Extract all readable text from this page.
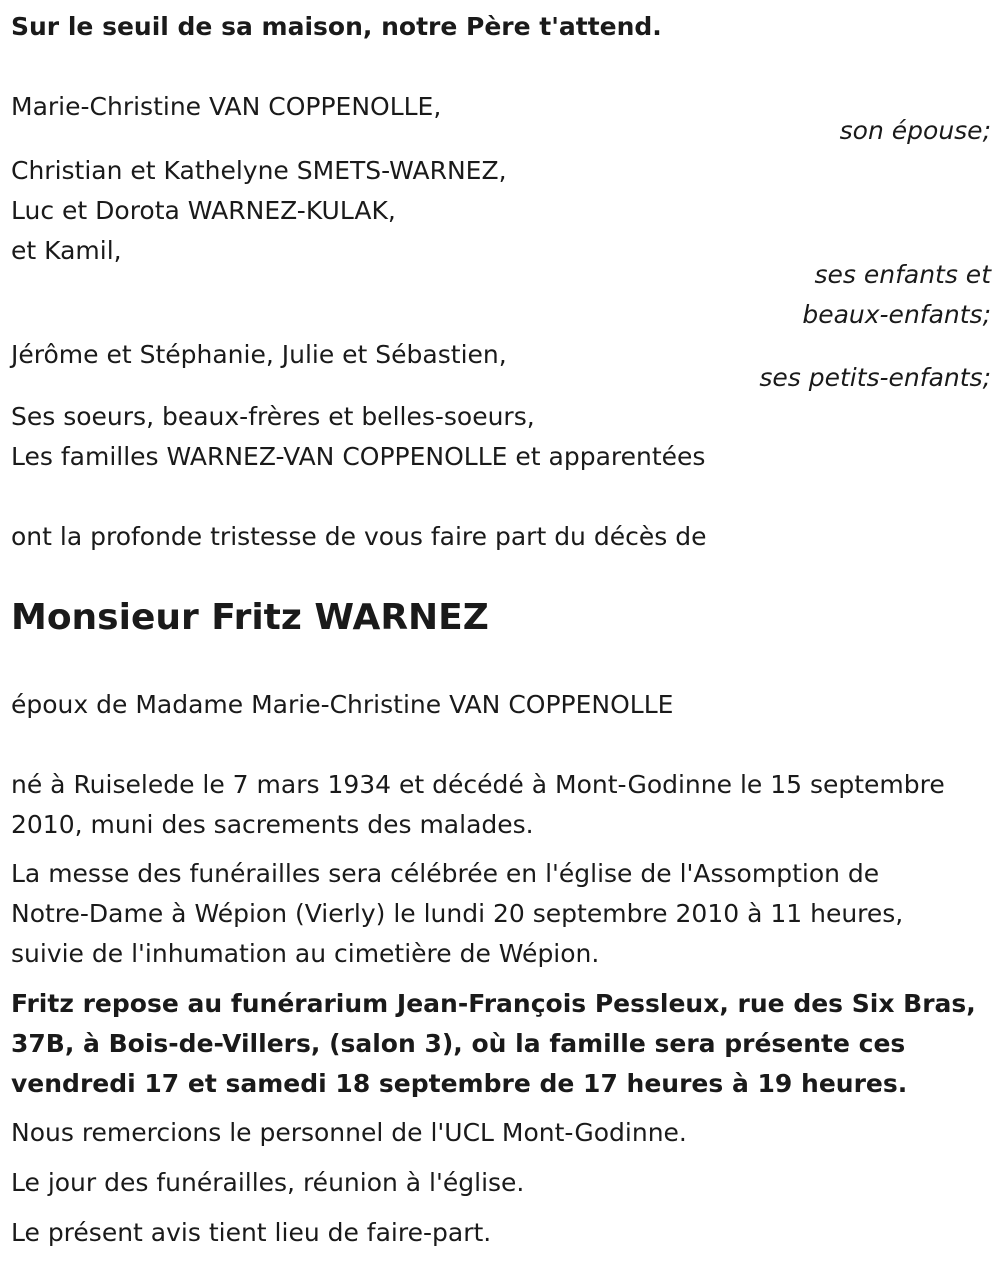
Sur le seuil de sa maison, notre Père t'attend.
Marie-Christine VAN COPPENOLLE,
son épouse;
Christian et Kathelyne SMETS-WARNEZ,
Luc et Dorota WARNEZ-KULAK,
et Kamil,
ses enfants et
beaux-enfants;
Jérôme et Stéphanie, Julie et Sébastien,
ses petits-enfants;
Ses soeurs, beaux-frères et belles-soeurs,
Les familles WARNEZ-VAN COPPENOLLE et apparentées
ont la profonde tristesse de vous faire part du décès de
Monsieur Fritz WARNEZ
époux de Madame Marie-Christine VAN COPPENOLLE
né à Ruiselede le 7 mars 1934 et décédé à Mont-Godinne le 15 septembre
2010, muni des sacrements des malades.
La messe des funérailles sera célébrée en l'église de l'Assomption de
Notre-Dame à Wépion (Vierly) le lundi 20 septembre 2010 à 11 heures,
suivie de l'inhumation au cimetière de Wépion.
Fritz repose au funérarium Jean-François Pessleux, rue des Six Bras,
37B, à Bois-de-Villers, (salon 3), où la famille sera présente ces
vendredi 17 et samedi 18 septembre de 17 heures à 19 heures.
Nous remercions le personnel de l'UCL Mont-Godinne.
Le jour des funérailles, réunion à l'église.
Le présent avis tient lieu de faire-part.
